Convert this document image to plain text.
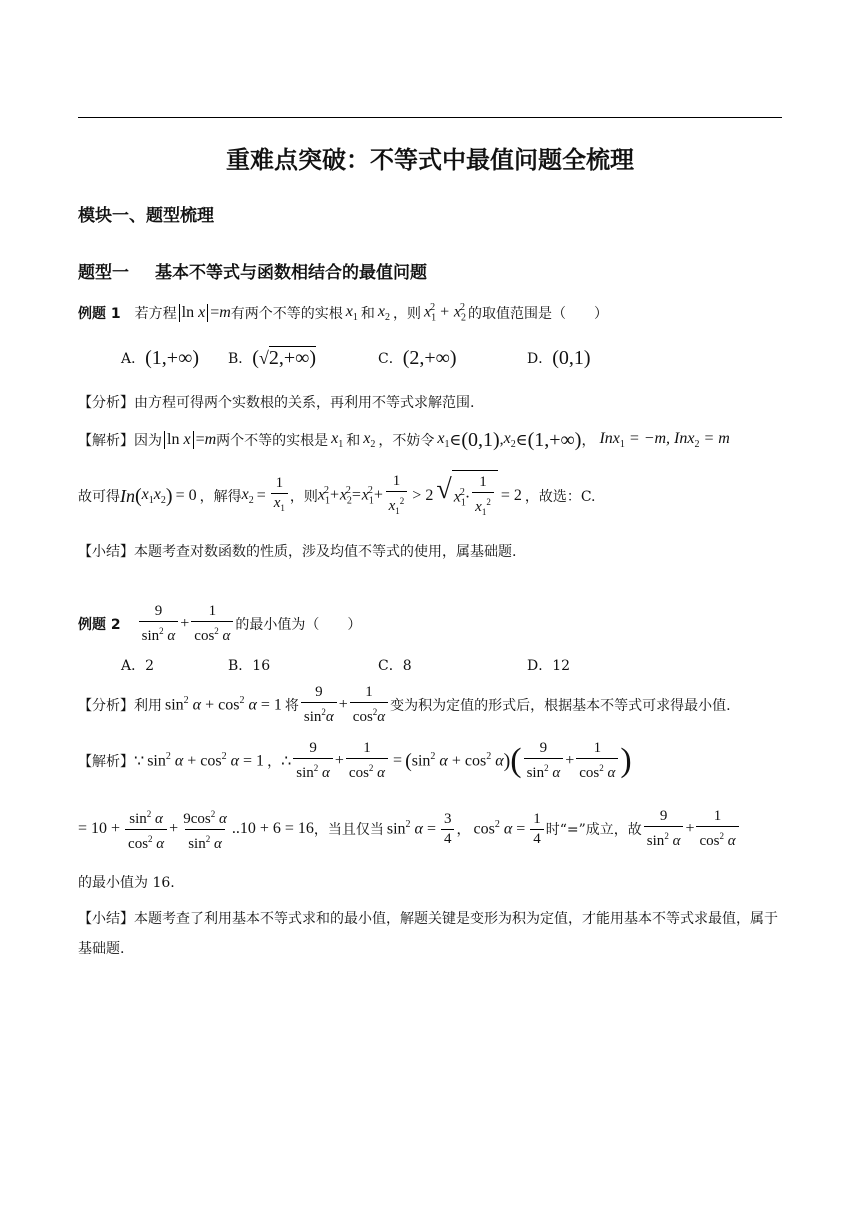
重难点突破：不等式中最值问题全梳理
模块一、题型梳理
题型一 基本不等式与函数相结合的最值问题
例题 1 若方程 ln x = m 有两个不等的实根 $x_1$ 和 $x_2$ ，则 $x_1^2 + x_2^2$ 的取值范围是（　　）
A． (1,+∞) B． ( √ 2,+∞)	C． (2,+∞)	D． (0,1)
【分析】由方程可得两个实数根的关系，再利用不等式求解范围.
【解析】 因为 ln x = m 两个不等的实根是 $x_1$ 和 $x_2$ ，不妨令 $x_1$ ∈ (0,1) , $x_2$ ∈ (1,+∞) ， Inx$_1$ = −m, Inx$_2$ = m
故可得 In ( $x_1x_2$ ) = 0 ，解得 $x_2 = \frac{1}{x_1}$ ，则 $x_1^2+x_2^2=x_1^2+ \frac{1}{x_1^2} > 2$ √ $x_1^2 \cdot \frac{1}{x_1^2} = 2$ ，故选：C.
【小结】本题考查对数函数的性质，涉及均值不等式的使用，属基础题.
例题 $2 \frac{9}{\sin^2 \alpha} + \frac{1}{\cos^2 \alpha}$ 的最小值为（　　）
A．2	B．16	C．8	D．12
【分析】 利用 $\sin^2 \alpha + \cos^2 \alpha = 1$ 将 $\frac{9}{\sin^2\alpha} + \frac{1}{\cos^2\alpha}$ 变为积为定值的形式后，根据基本不等式可求得最小值.
【解析】 ∵ $\sin^2 \alpha + \cos^2 \alpha = 1$ ， ∴ $\frac{9}{\sin^2 \alpha} + \frac{1}{\cos^2 \alpha}$ = ( $\sin^2 \alpha + \cos^2 \alpha$ ) ( $\frac{9}{\sin^2 \alpha} + \frac{1}{\cos^2 \alpha}$ )
= $10 + \frac{\sin^2 \alpha}{\cos^2 \alpha} + \frac{9\cos^2 \alpha}{\sin^2 \alpha} ..10 + 6 = 16$ ，当且仅当 $\sin^2 \alpha = \frac{3}{4}$ ， $\cos^2 \alpha = \frac{1}{4}$ 时“=”成立，故 $\frac{9}{\sin^2 \alpha} + \frac{1}{\cos^2 \alpha}$
的最小值为 16.
【小结】本题考查了利用基本不等式求和的最小值，解题关键是变形为积为定值，才能用基本不等式求最值，属于基础题.
